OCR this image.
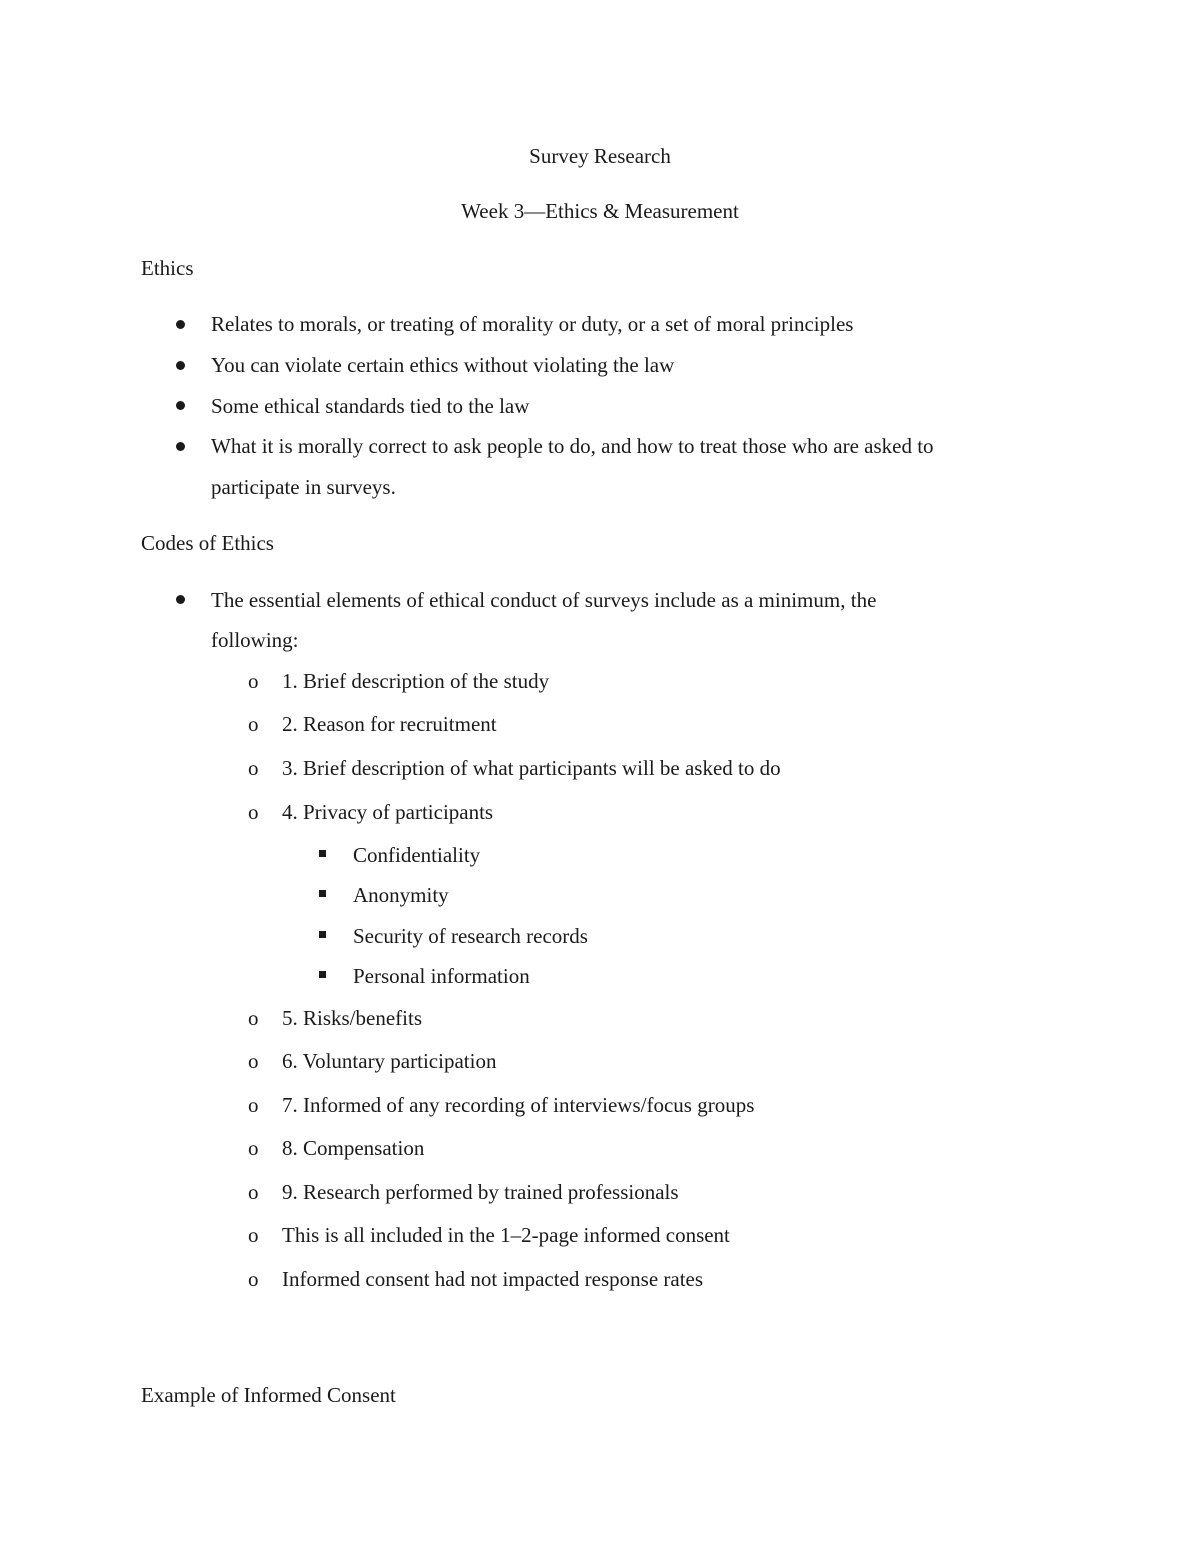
Survey Research
Week 3—Ethics & Measurement
Ethics
Relates to morals, or treating of morality or duty, or a set of moral principles
You can violate certain ethics without violating the law
Some ethical standards tied to the law
What it is morally correct to ask people to do, and how to treat those who are asked to
participate in surveys.
Codes of Ethics
The essential elements of ethical conduct of surveys include as a minimum, the
following:
o 1. Brief description of the study
o 2. Reason for recruitment
o 3. Brief description of what participants will be asked to do
o 4. Privacy of participants
Confidentiality
Anonymity
Security of research records
Personal information
o 5. Risks/benefits
o 6. Voluntary participation
o 7. Informed of any recording of interviews/focus groups
o 8. Compensation
o 9. Research performed by trained professionals
o This is all included in the 1–2-page informed consent
o Informed consent had not impacted response rates
Example of Informed Consent
